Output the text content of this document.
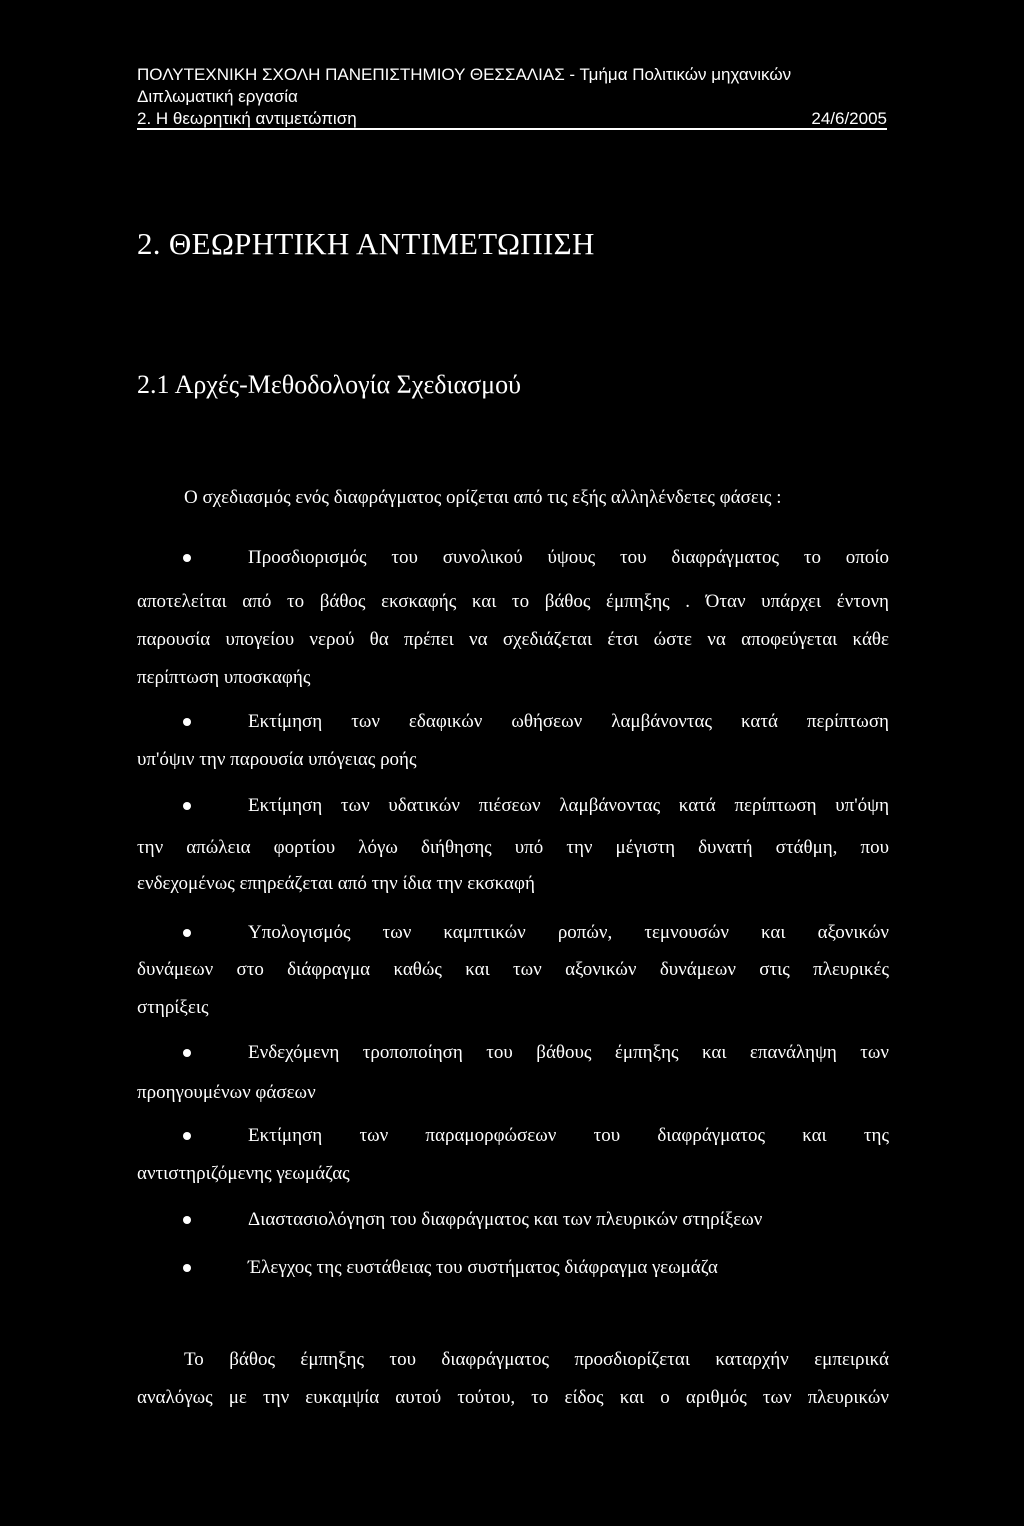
ΠΟΛΥΤΕΧΝΙΚΗ ΣΧΟΛΗ ΠΑΝΕΠΙΣΤΗΜΙΟΥ ΘΕΣΣΑΛΙΑΣ - Τμήμα Πολιτικών μηχανικών
Διπλωματική εργασία
2. Η θεωρητική αντιμετώπιση	24/6/2005
2. ΘΕΩΡΗΤΙΚΗ ΑΝΤΙΜΕΤΩΠΙΣΗ
2.1 Αρχές-Μεθοδολογία Σχεδιασμού
Ο σχεδιασμός ενός διαφράγματος ορίζεται από τις εξής αλληλένδετες φάσεις :
Προσδιορισμός του συνολικού ύψους του διαφράγματος το οποίο
αποτελείται από το βάθος εκσκαφής και το βάθος έμπηξης . Όταν υπάρχει έντονη
παρουσία υπογείου νερού θα πρέπει να σχεδιάζεται έτσι ώστε να αποφεύγεται κάθε
περίπτωση υποσκαφής
Εκτίμηση των εδαφικών ωθήσεων λαμβάνοντας κατά περίπτωση
υπ'όψιν την παρουσία υπόγειας ροής
Εκτίμηση των υδατικών πιέσεων λαμβάνοντας κατά περίπτωση υπ'όψη
την απώλεια φορτίου λόγω διήθησης υπό την μέγιστη δυνατή στάθμη, που
ενδεχομένως επηρεάζεται από την ίδια την εκσκαφή
Υπολογισμός των καμπτικών ροπών, τεμνουσών και αξονικών
δυνάμεων στο διάφραγμα καθώς και των αξονικών δυνάμεων στις πλευρικές
στηρίξεις
Ενδεχόμενη τροποποίηση του βάθους έμπηξης και επανάληψη των
προηγουμένων φάσεων
Εκτίμηση των παραμορφώσεων του διαφράγματος και της
αντιστηριζόμενης γεωμάζας
Διαστασιολόγηση του διαφράγματος και των πλευρικών στηρίξεων
Έλεγχος της ευστάθειας του συστήματος διάφραγμα γεωμάζα
Το βάθος έμπηξης του διαφράγματος προσδιορίζεται καταρχήν εμπειρικά
αναλόγως με την ευκαμψία αυτού τούτου, το είδος και ο αριθμός των πλευρικών
